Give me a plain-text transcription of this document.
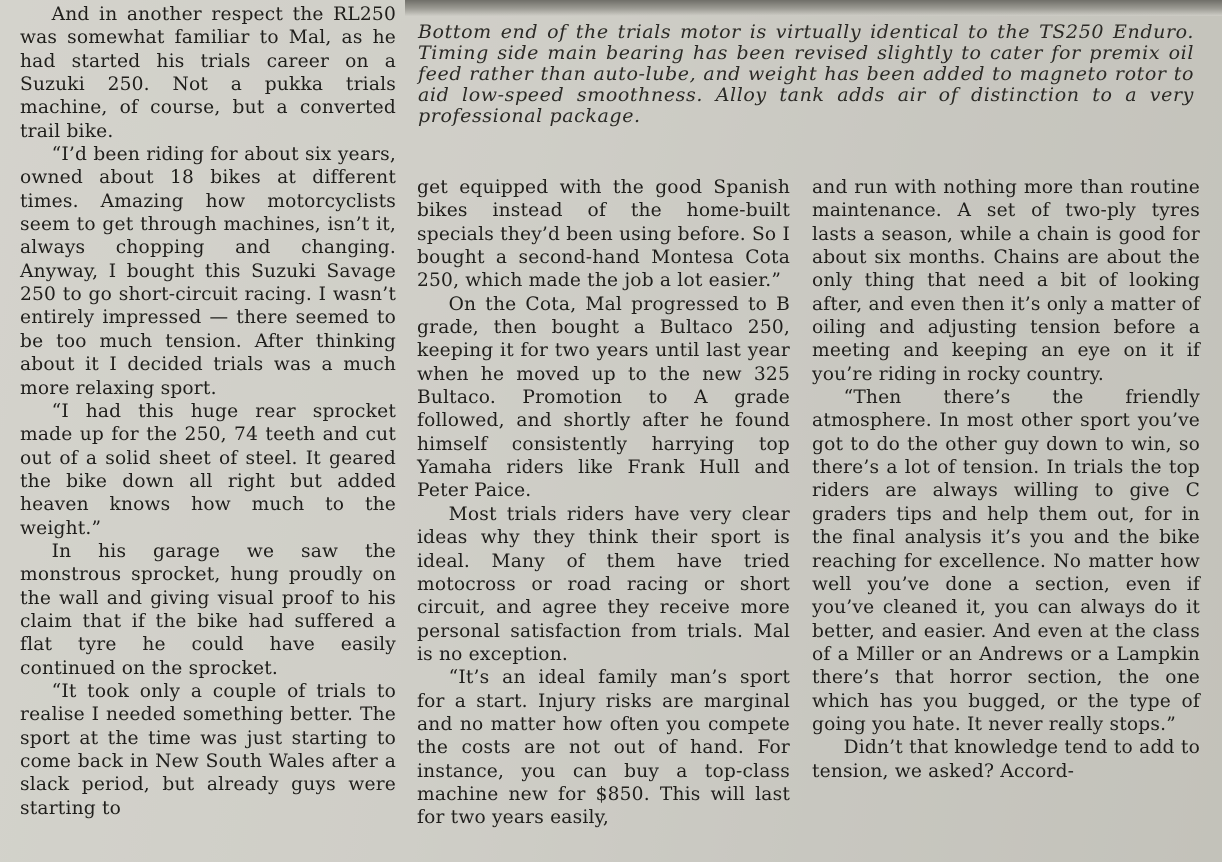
Bottom end of the trials motor is virtually identical to the TS250 Enduro. Timing side main bearing has been revised slightly to cater for premix oil feed rather than auto-lube, and weight has been added to magneto rotor to aid low-speed smoothness. Alloy tank adds air of distinction to a very professional package.

And in another respect the RL250 was somewhat familiar to Mal, as he had started his trials career on a Suzuki 250. Not a pukka trials machine, of course, but a converted trail bike.

“I’d been riding for about six years, owned about 18 bikes at different times. Amazing how motorcyclists seem to get through machines, isn’t it, always chopping and changing. Anyway, I bought this Suzuki Savage 250 to go short-circuit racing. I wasn’t entirely impressed — there seemed to be too much tension. After thinking about it I decided trials was a much more relaxing sport.

“I had this huge rear sprocket made up for the 250, 74 teeth and cut out of a solid sheet of steel. It geared the bike down all right but added heaven knows how much to the weight.”

In his garage we saw the monstrous sprocket, hung proudly on the wall and giving visual proof to his claim that if the bike had suffered a flat tyre he could have easily continued on the sprocket.

“It took only a couple of trials to realise I needed something better. The sport at the time was just starting to come back in New South Wales after a slack period, but already guys were starting to

get equipped with the good Spanish bikes instead of the home-built specials they’d been using before. So I bought a second-hand Montesa Cota 250, which made the job a lot easier.”

On the Cota, Mal progressed to B grade, then bought a Bultaco 250, keeping it for two years until last year when he moved up to the new 325 Bultaco. Promotion to A grade followed, and shortly after he found himself consistently harrying top Yamaha riders like Frank Hull and Peter Paice.

Most trials riders have very clear ideas why they think their sport is ideal. Many of them have tried motocross or road racing or short circuit, and agree they receive more personal satisfaction from trials. Mal is no exception.

“It’s an ideal family man’s sport for a start. Injury risks are marginal and no matter how often you compete the costs are not out of hand. For instance, you can buy a top-class machine new for $850. This will last for two years easily,

and run with nothing more than routine maintenance. A set of two-ply tyres lasts a season, while a chain is good for about six months. Chains are about the only thing that need a bit of looking after, and even then it’s only a matter of oiling and adjusting tension before a meeting and keeping an eye on it if you’re riding in rocky country.

“Then there’s the friendly atmosphere. In most other sport you’ve got to do the other guy down to win, so there’s a lot of tension. In trials the top riders are always willing to give C graders tips and help them out, for in the final analysis it’s you and the bike reaching for excellence. No matter how well you’ve done a section, even if you’ve cleaned it, you can always do it better, and easier. And even at the class of a Miller or an Andrews or a Lampkin there’s that horror section, the one which has you bugged, or the type of going you hate. It never really stops.”

Didn’t that knowledge tend to add to tension, we asked? Accord-
